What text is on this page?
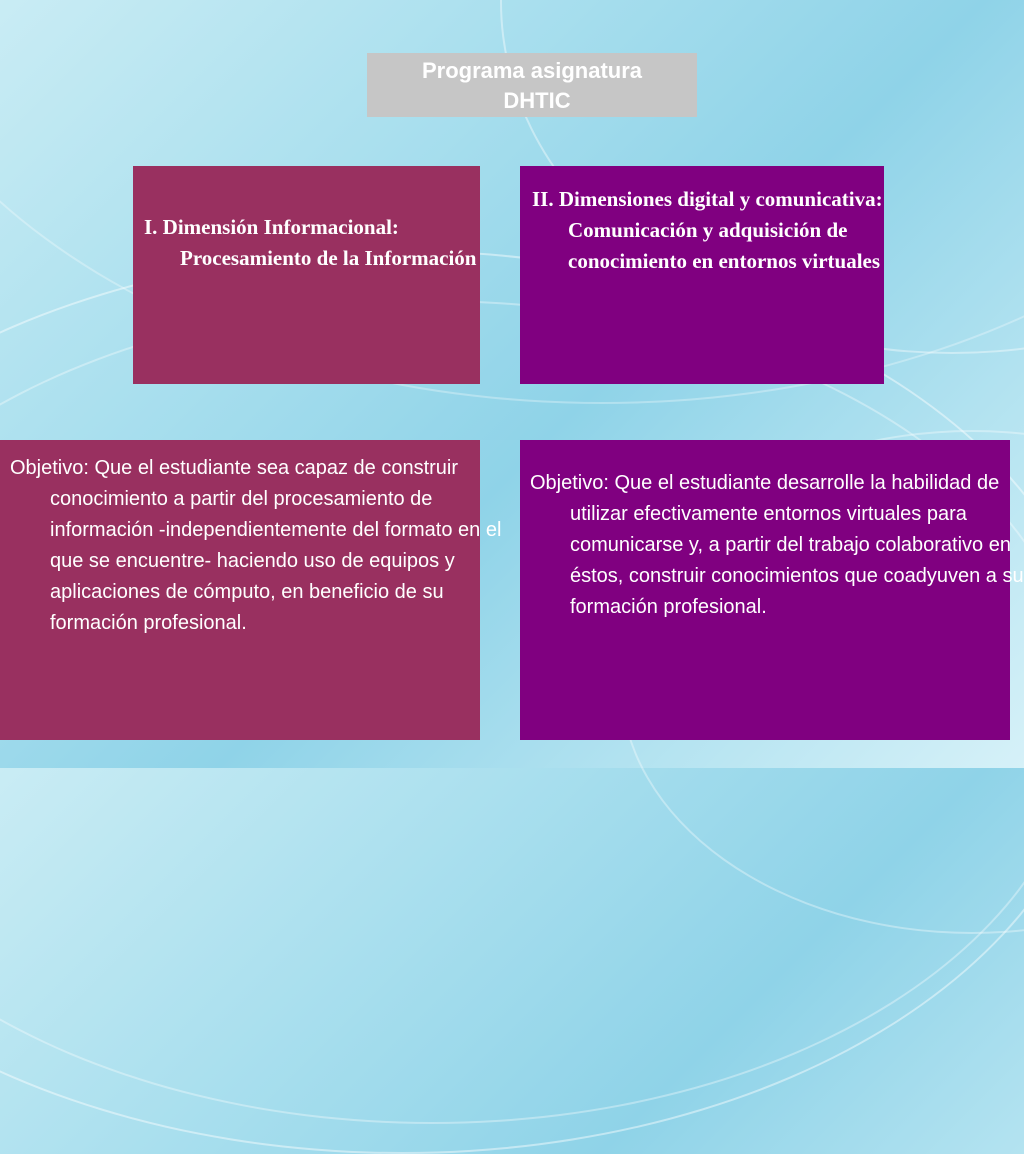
Programa asignatura

DHTIC
I. Dimensión Informacional: Procesamiento de la Información
II. Dimensiones digital y comunicativa: Comunicación y adquisición de conocimiento en entornos virtuales
Objetivo: Que el estudiante sea capaz de construir conocimiento a partir del procesamiento de información -independientemente del formato en el que se encuentre- haciendo uso de equipos y aplicaciones de cómputo, en beneficio de su formación profesional.
Objetivo: Que el estudiante desarrolle la habilidad de utilizar efectivamente entornos virtuales para comunicarse y, a partir del trabajo colaborativo en éstos, construir conocimientos que coadyuven a su formación profesional.
